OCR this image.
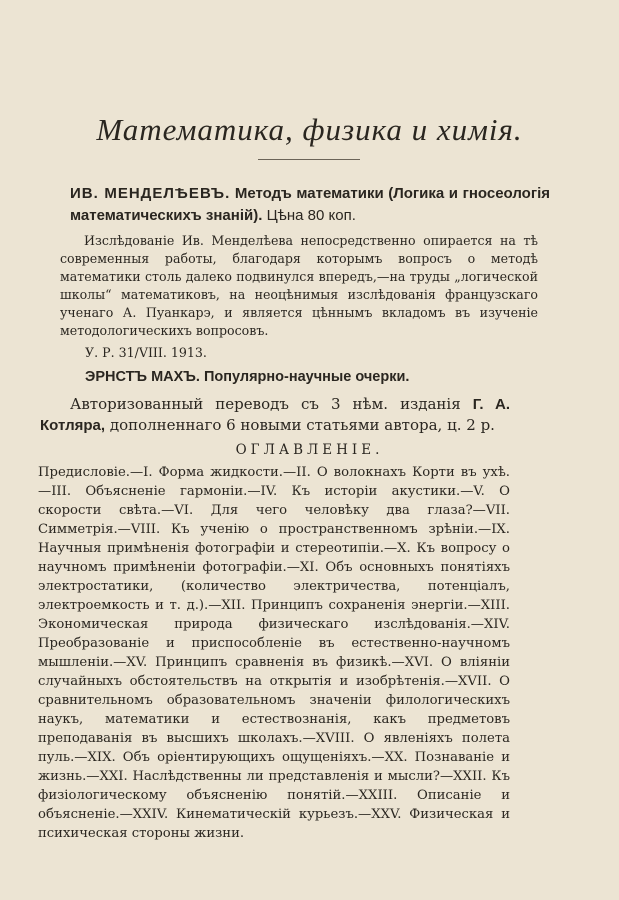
Математика, физика и химія.

ИВ. МЕНДЕЛѢЕВЪ. Методъ математики (Логика и гносеологія математическихъ знаній). Цѣна 80 коп.

Изслѣдованіе Ив. Менделѣева непосредственно опирается на тѣ современныя работы, благодаря которымъ вопросъ о методѣ математики столь далеко подвинулся впередъ,—на труды „логической школы“ математиковъ, на неоцѣнимыя изслѣдованія французскаго ученаго А. Пуанкарэ, и является цѣннымъ вкладомъ въ изученіе методологическихъ вопросовъ.

У. Р. 31/VIII. 1913.

ЭРНСТЪ МАХЪ. Популярно-научные очерки.

Авторизованный переводъ съ 3 нѣм. изданія Г. А. Котляра, дополненнаго 6 новыми статьями автора, ц. 2 р.

ОГЛАВЛЕНІЕ.

Предисловіе.—I. Форма жидкости.—II. О волокнахъ Корти въ ухѣ.—III. Объясненіе гармоніи.—IV. Къ исторіи акустики.—V. О скорости свѣта.—VI. Для чего человѣку два глаза?—VII. Симметрія.—VIII. Къ ученію о пространственномъ зрѣніи.—IX. Научныя примѣненія фотографіи и стереотипіи.—X. Къ вопросу о научномъ примѣненіи фотографіи.—XI. Объ основныхъ понятіяхъ электростатики, (количество электричества, потенціалъ, электроемкость и т. д.).—XII. Принципъ сохраненія энергіи.—XIII. Экономическая природа физическаго изслѣдованія.—XIV. Преобразованіе и приспособленіе въ естественно-научномъ мышленіи.—XV. Принципъ сравненія въ физикѣ.—XVI. О вліяніи случайныхъ обстоятельствъ на открытія и изобрѣтенія.—XVII. О сравнительномъ образовательномъ значеніи филологическихъ наукъ, математики и естествознанія, какъ предметовъ преподаванія въ высшихъ школахъ.—XVIII. О явленіяхъ полета пуль.—XIX. Объ оріентирующихъ ощущеніяхъ.—XX. Познаваніе и жизнь.—XXI. Наслѣдственны ли представленія и мысли?—XXII. Къ физіологическому объясненію понятій.—XXIII. Описаніе и объясненіе.—XXIV. Кинематическій курьезъ.—XXV. Физическая и психическая стороны жизни.
